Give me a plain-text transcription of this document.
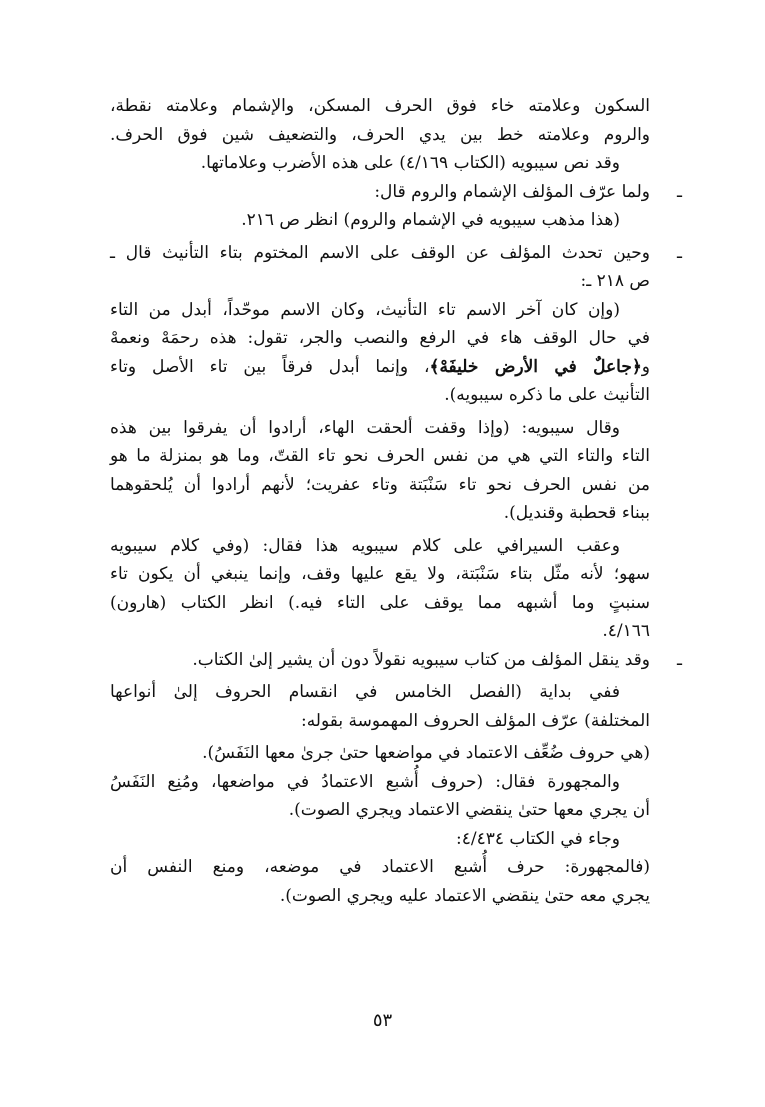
السكون وعلامته خاء فوق الحرف المسكن، والإشمام وعلامته نقطة،
والروم وعلامته خط بين يدي الحرف، والتضعيف شين فوق الحرف.
وقد نص سيبويه (الكتاب ٤/١٦٩) على هذه الأضرب وعلاماتها.
ـ
ولما عرّف المؤلف الإشمام والروم قال:
(هذا مذهب سيبويه في الإشمام والروم) انظر ص ٢١٦.
ـ
وحين تحدث المؤلف عن الوقف على الاسم المختوم بتاء التأنيث قال ـ
ص ٢١٨ ـ:
(وإن كان آخر الاسم تاء التأنيث، وكان الاسم موحّداً، أبدل من التاء
في حال الوقف هاء في الرفع والنصب والجر، تقول: هذه رحمَهْ ونعمهْ
و﴿جاعلٌ في الأرض خليفَهْ﴾، وإنما أبدل فرقاً بين تاء الأصل وتاء
التأنيث على ما ذكره سيبويه).
وقال سيبويه: (وإذا وقفت ألحقت الهاء، أرادوا أن يفرقوا بين هذه
التاء والتاء التي هي من نفس الحرف نحو تاء القتّ، وما هو بمنزلة ما هو
من نفس الحرف نحو تاء سَنْبَتة وتاء عفريت؛ لأنهم أرادوا أن يُلحقوهما
ببناء قحطبة وقنديل).
وعقب السيرافي على كلام سيبويه هذا فقال: (وفي كلام سيبويه
سهو؛ لأنه مثّل بتاء سَنْبَتة، ولا يقع عليها وقف، وإنما ينبغي أن يكون تاء
سنبتٍ وما أشبهه مما يوقف على التاء فيه.) انظر الكتاب (هارون)
٤/١٦٦.
ـ
وقد ينقل المؤلف من كتاب سيبويه نقولاً دون أن يشير إلىٰ الكتاب.
ففي بداية (الفصل الخامس في انقسام الحروف إلىٰ أنواعها
المختلفة) عرّف المؤلف الحروف المهموسة بقوله:
(هي حروف ضُعِّف الاعتماد في مواضعها حتىٰ جرىٰ معها النَفَسُ).
والمجهورة فقال: (حروف أُشبع الاعتمادُ في مواضعها، ومُنِع النَفَسُ
أن يجري معها حتىٰ ينقضي الاعتماد ويجري الصوت).
وجاء في الكتاب ٤/٤٣٤:
(فالمجهورة: حرف أُشبع الاعتماد في موضعه، ومنع النفس أن
يجري معه حتىٰ ينقضي الاعتماد عليه ويجري الصوت).
٥٣
